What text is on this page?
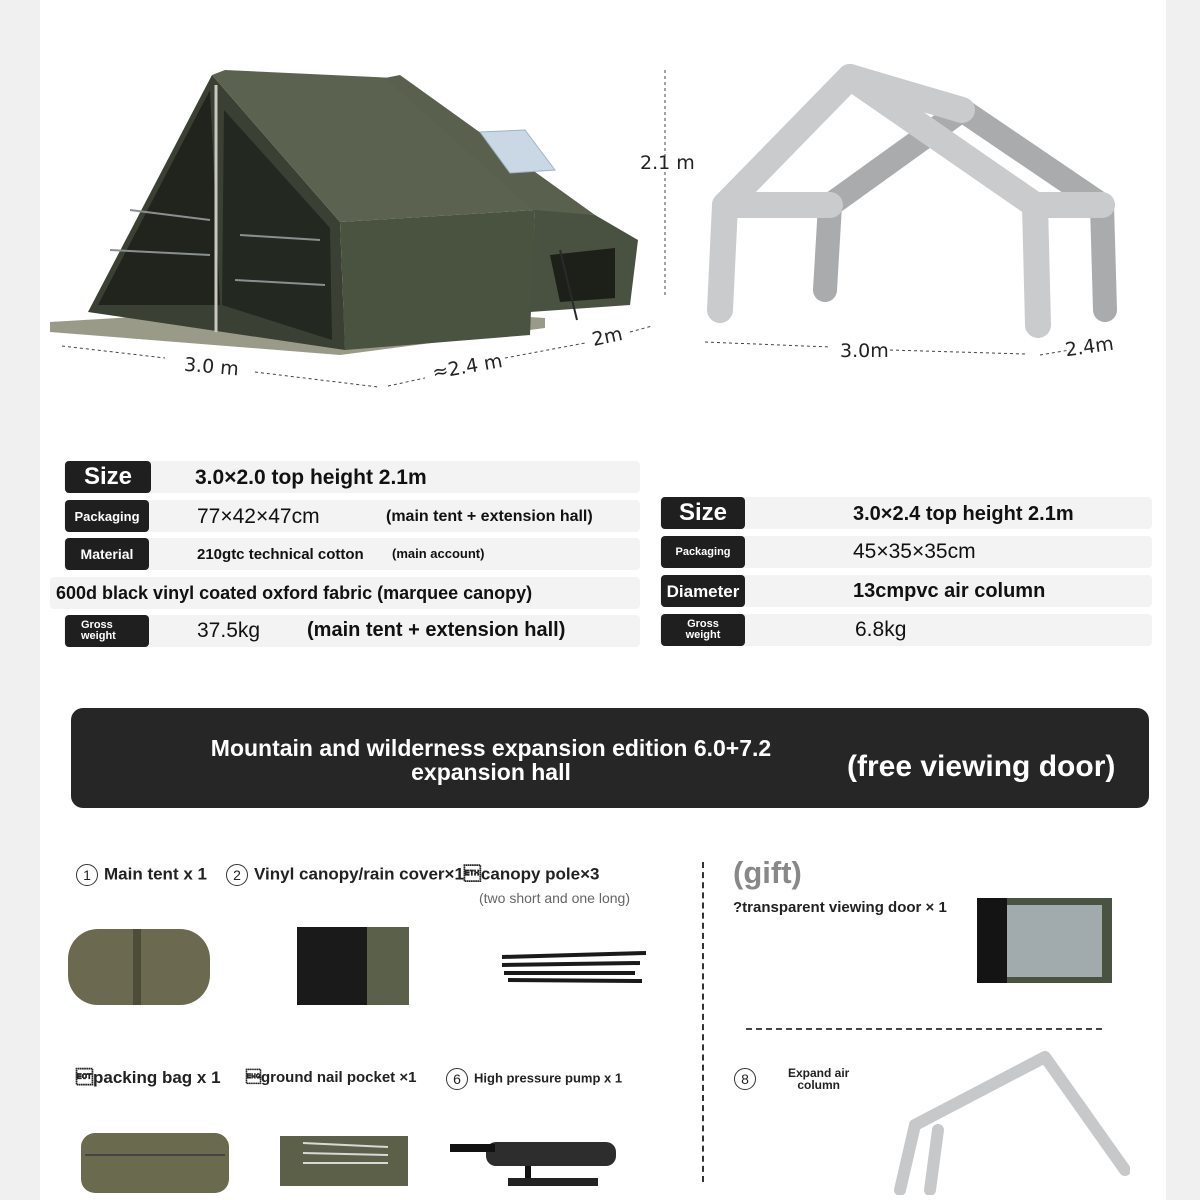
2.1 m
3.0 m	≈2.4 m
2m
3.0m	2.4m
Size	3.0×2.0 top height 2.1m
Packaging	77×42×47cm	(main tent + extension hall)
Material	210gtc technical cotton (main account)
600d black vinyl coated oxford fabric (marquee canopy)
Gross
weight	37.5kg (main tent + extension hall)
Size	3.0×2.4 top height 2.1m
Packaging	45×35×35cm
Diameter	13cmpvc air column
Gross
weight	6.8kg
Mountain and wilderness expansion edition 6.0+7.2
expansion hall	(free viewing door)
1 Main tent x 1	2 Vinyl canopy/rain cover×1canopy pole×3
(two short and one long)
(gift)
?transparent viewing door × 1
packing bag x 1 ground nail pocket ×1	6 High pressure pump x 1	8	Expand air
column
